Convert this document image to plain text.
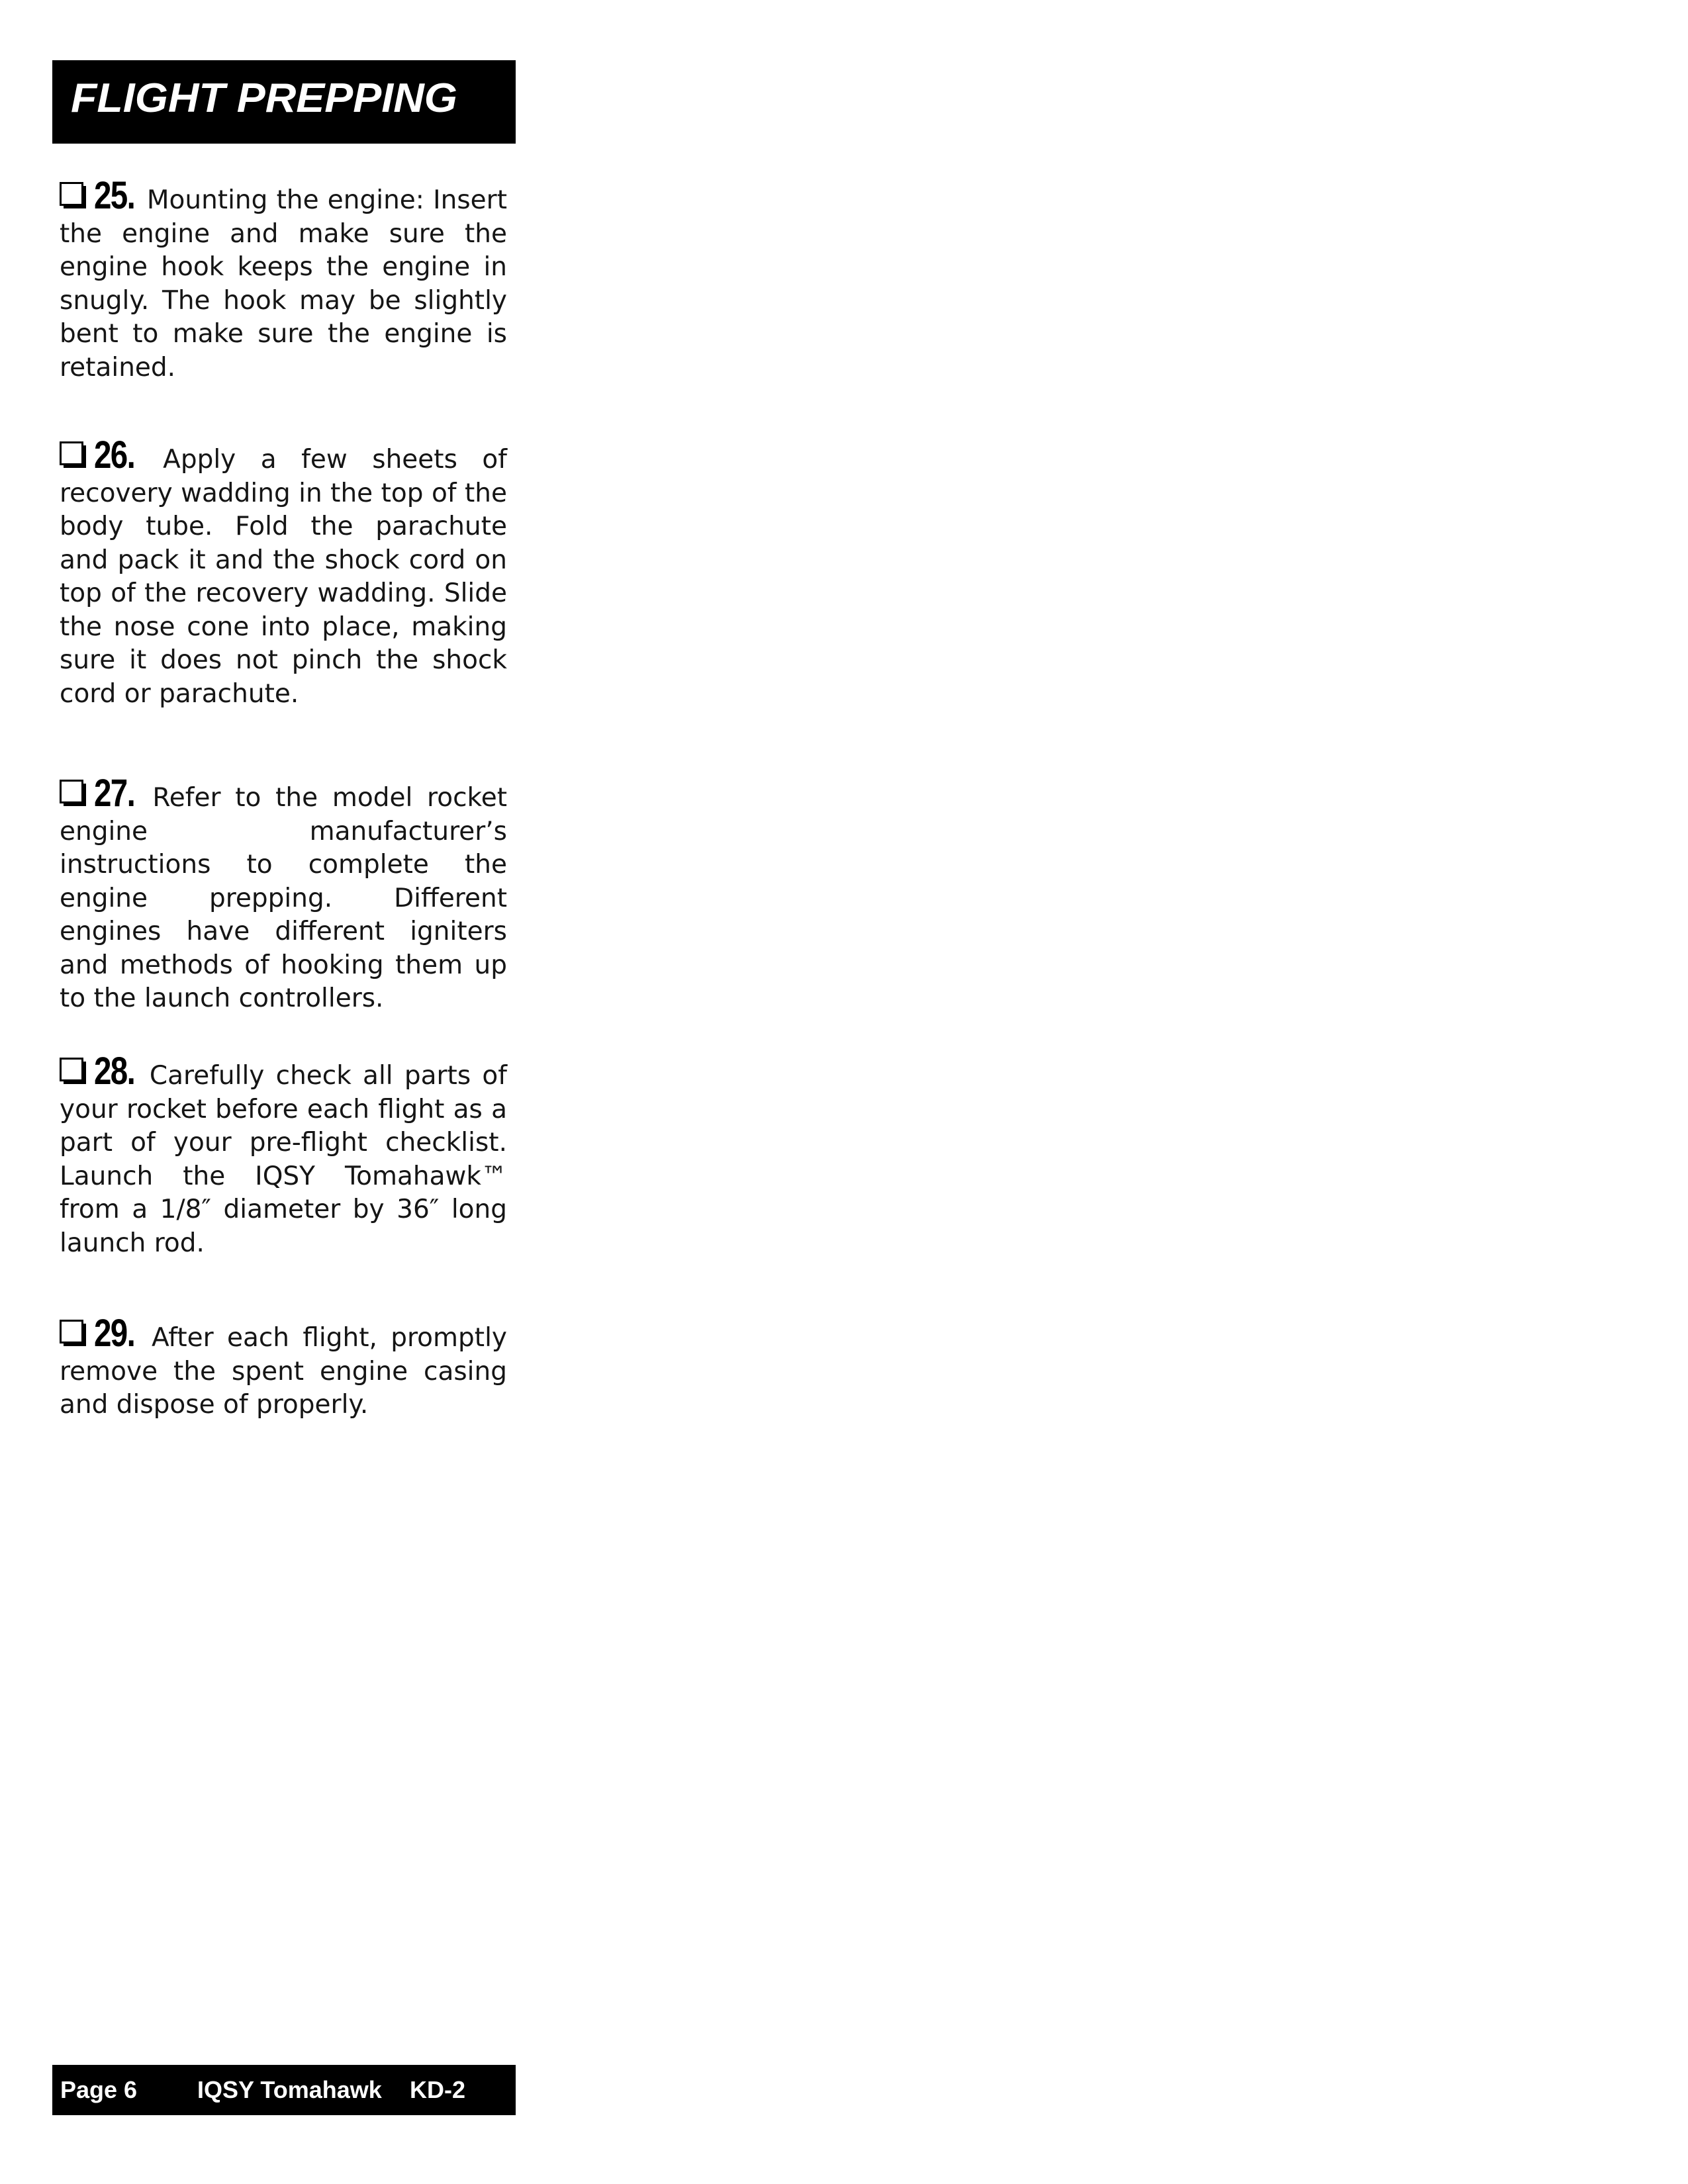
FLIGHT PREPPING
25. Mounting the engine: Insert the engine and make sure the engine hook keeps the engine in snugly. The hook may be slightly bent to make sure the engine is retained.
26. Apply a few sheets of recovery wadding in the top of the body tube. Fold the parachute and pack it and the shock cord on top of the recovery wadding. Slide the nose cone into place, making sure it does not pinch the shock cord or parachute.
27. Refer to the model rocket engine manufacturer’s instructions to complete the engine prepping. Different engines have different igniters and methods of hooking them up to the launch controllers.
28. Carefully check all parts of your rocket before each flight as a part of your pre-flight checklist. Launch the IQSY Tomahawk™ from a 1/8″ diameter by 36″ long launch rod.
29. After each flight, promptly remove the spent engine casing and dispose of properly.
Page 6	IQSY Tomahawk KD-2
